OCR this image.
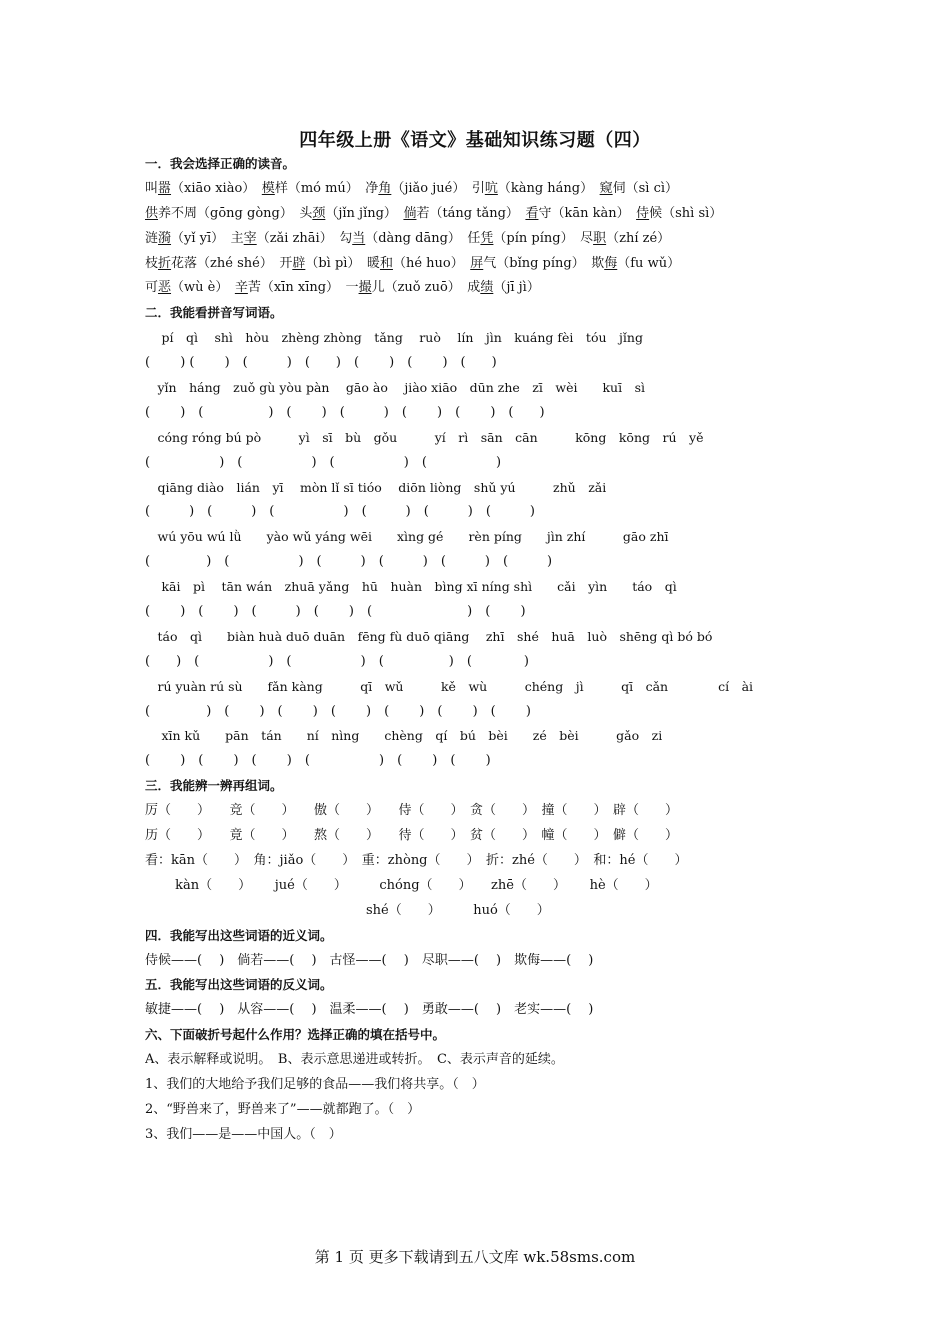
四年级上册《语文》基础知识练习题（四）
一．我会选择正确的读音。
叫嚣（xiāo xiào）　模样（mó mú）　净角（jiǎo jué）　引吭（kàng háng）　窥伺（sì cì）
供养不周（gōng gòng）　头颈（jǐn jǐng）　倘若（táng tǎng）　看守（kān kàn）　侍候（shì sì）
涟漪（yǐ yī）　主宰（zǎi zhāi）　勾当（dàng dāng）　任凭（pín píng）　尽职（zhí zé）
枝折花落（zhé shé）　开辟（bì pì）　暖和（hé huo）　屏气（bǐng píng）　欺侮（fu wǔ）
可恶（wù è）　辛苦（xīn xīng）　一撮儿（zuǒ zuō）　成绩（jī jì）
二．我能看拼音写词语。
　 pí　qì　 shì　hòu　zhèng zhòng　tǎng　 ruò　 lín　jìn　kuáng fèi　tóu　jǐng
(　　 ) (　　 )　(　　　)　(　　)　(　　 )　(　　 )　(　　)
　yǐn　háng　zuǒ gù yòu pàn　 gāo ào　 jiào xiāo　dūn zhe　zī　wèi　　kuī　sì
(　　 )　(　　　　　)　(　　 )　(　　　)　(　　 )　(　　 )　(　　)
　cóng róng bú pò　　　yì　sī　bù　gǒu　　　yí　rì　sān　cān　　　kōng　kōng　rú　yě
(　　　　　 )　(　　　　　 )　(　　　　　 )　(　　　　　 )
　qiāng diào　lián　yī　 mòn lǐ sī tióo　 diōn liòng　shǔ yú　　　zhǔ　zǎi
(　　　)　(　　　)　(　　　　　 )　(　　　)　(　　　)　(　　　)
　wú yōu wú lǜ　　yào wǔ yáng wēi　　xìng gé　　rèn píng　　jìn zhí　　　gāo zhī
(　　　　 )　(　　　　　 )　(　　　)　(　　　)　(　　　)　(　　　)
　 kāi　pì　 tān wán　zhuā yǎng　hū　huàn　bìng xī níng shì　　cǎi　yìn　　táo　qì
(　　 )　(　　 )　(　　　)　(　　 )　(　　　　　　　 )　(　　 )
　táo　qì　　biàn huà duō duān　fēng fù duō qiāng　 zhī　shé　huā　luò　shēng qì bó bó
(　　)　(　　　　　 )　(　　　　　 )　(　　　　　)　(　　　　)
　rú yuàn rú sù　　fǎn kàng　　　qī　wǔ　　　kě　wù　　　chéng　jì　　　qī　cǎn　　　　cí　ài
(　　　　 )　(　　 )　(　　 )　(　　 )　(　　 )　(　　 )　(　　 )
　 xīn kǔ　　pān　tán　　ní　nìng　　chèng　qí　bú　bèi　　zé　bèi　　　gǎo　zi
(　　 )　(　　 )　(　　 )　(　　　　　 )　(　　 )　(　　 )
三．我能辨一辨再组词。
厉（　　）　　竞（　　）　　傲（　　）　　侍（　　）　贪（　　）　撞（　　）　辟（　　）
历（　　）　　竟（　　）　　熬（　　）　　待（　　）　贫（　　）　幢（　　）　僻（　　）
看：kān（　　）　角：jiǎo（　　）　重：zhòng（　　）　折：zhé（　　）　和：hé（　　）
　　 kàn（　　）　　 jué（　　）　　　chóng（　　）　　zhē（　　）　　 hè（　　）
　　　　　　　　　　　　　　　　　shé（　　）　　　huó（　　）
四．我能写出这些词语的近义词。
侍候——(　 )　倘若——(　 )　古怪——(　 )　尽职——(　 )　欺侮——(　 )
五．我能写出这些词语的反义词。
敏捷——(　 )　从容——(　 )　温柔——(　 )　勇敢——(　 )　老实——(　 )
六、下面破折号起什么作用？选择正确的填在括号中。
A、表示解释或说明。　B、表示意思递进或转折。　C、表示声音的延续。
1、我们的大地给予我们足够的食品——我们将共享。（　）
2、“野兽来了，野兽来了”——就都跑了。（　）
3、我们——是——中国人。（　）
第 1 页 更多下载请到五八文库 wk.58sms.com
